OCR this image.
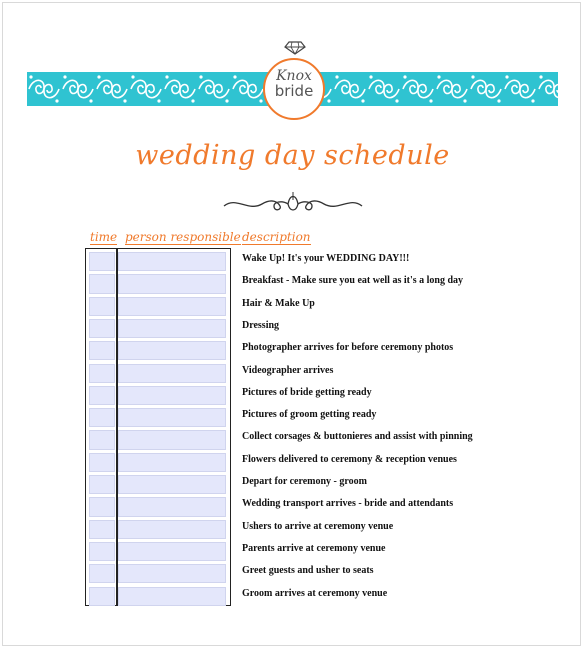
Knox
bride
wedding day schedule
time person responsible description
Wake Up! It's your WEDDING DAY!!!
Breakfast - Make sure you eat well as it's a long day
Hair & Make Up
Dressing
Photographer arrives for before ceremony photos
Videographer arrives
Pictures of bride getting ready
Pictures of groom getting ready
Collect corsages & buttonieres and assist with pinning
Flowers delivered to ceremony & reception venues
Depart for ceremony - groom
Wedding transport arrives - bride and attendants
Ushers to arrive at ceremony venue
Parents arrive at ceremony venue
Greet guests and usher to seats
Groom arrives at ceremony venue
